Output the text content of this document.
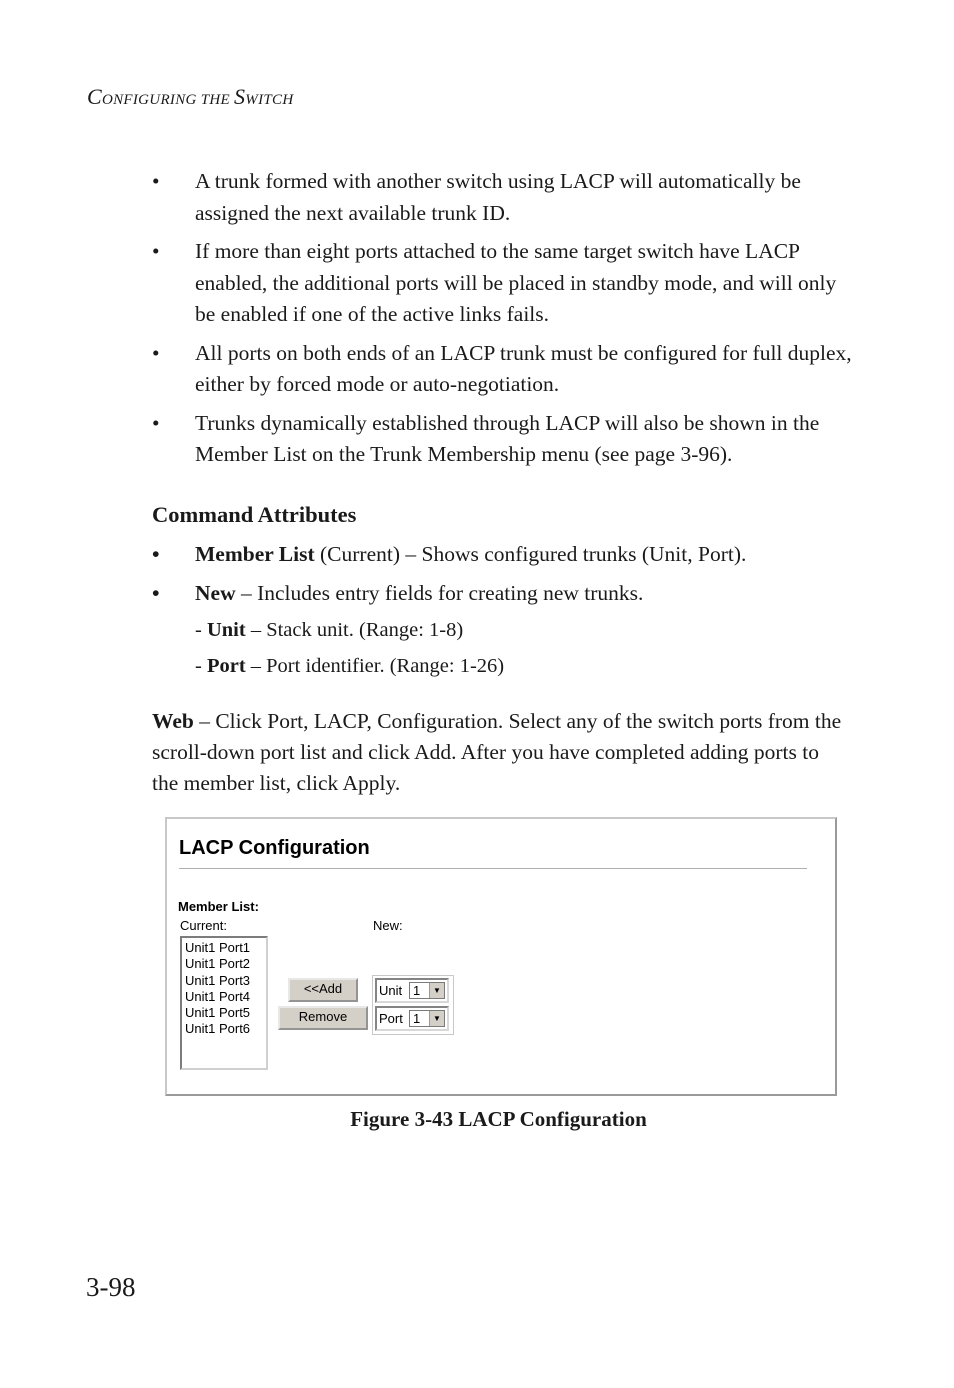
CONFIGURING THE SWITCH
• A trunk formed with another switch using LACP will automatically be assigned the next available trunk ID.
• If more than eight ports attached to the same target switch have LACP enabled, the additional ports will be placed in standby mode, and will only be enabled if one of the active links fails.
• All ports on both ends of an LACP trunk must be configured for full duplex, either by forced mode or auto-negotiation.
• Trunks dynamically established through LACP will also be shown in the Member List on the Trunk Membership menu (see page 3-96).
Command Attributes
• Member List (Current) – Shows configured trunks (Unit, Port).
• New – Includes entry fields for creating new trunks.
- Unit – Stack unit. (Range: 1-8)
- Port – Port identifier. (Range: 1-26)
Web – Click Port, LACP, Configuration. Select any of the switch ports from the scroll-down port list and click Add. After you have completed adding ports to the member list, click Apply.
LACP Configuration
Member List:
Current:	New:
Unit1 Port1
Unit1 Port2
Unit1 Port3
Unit1 Port4
Unit1 Port5
Unit1 Port6
<<Add
Remove
Unit 1	▼
Port 1	▼
Figure 3-43 LACP Configuration
3-98
